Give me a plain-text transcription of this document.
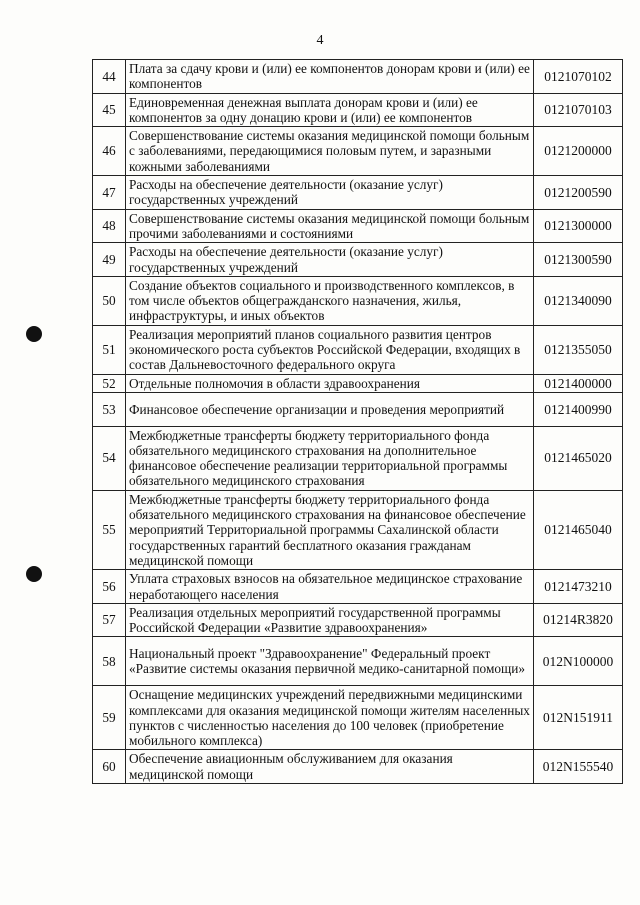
4
44	Плата за сдачу крови и (или) ее компонентов донорам крови и (или) ее компонентов	0121070102
45	Единовременная денежная выплата донорам крови и (или) ее компонентов за одну донацию крови и (или) ее компонентов	0121070103
46	Совершенствование системы оказания медицинской помощи больным с заболеваниями, передающимися половым путем, и заразными кожными заболеваниями	0121200000
47	Расходы на обеспечение деятельности (оказание услуг) государственных учреждений	0121200590
48	Совершенствование системы оказания медицинской помощи больным прочими заболеваниями и состояниями	0121300000
49	Расходы на обеспечение деятельности (оказание услуг) государственных учреждений	0121300590
50	Создание объектов социального и производственного комплексов, в том числе объектов общегражданского назначения, жилья, инфраструктуры, и иных объектов	0121340090
51	Реализация мероприятий планов социального развития центров экономического роста субъектов Российской Федерации, входящих в состав Дальневосточного федерального округа	0121355050
52	Отдельные полномочия в области здравоохранения	0121400000
53	Финансовое обеспечение организации и проведения мероприятий	0121400990
54	Межбюджетные трансферты бюджету территориального фонда обязательного медицинского страхования на дополнительное финансовое обеспечение реализации территориальной программы обязательного медицинского страхования	0121465020
55	Межбюджетные трансферты бюджету территориального фонда обязательного медицинского страхования на финансовое обеспечение мероприятий Территориальной программы Сахалинской области государственных гарантий бесплатного оказания гражданам медицинской помощи	0121465040
56	Уплата страховых взносов на обязательное медицинское страхование неработающего населения	0121473210
57	Реализация отдельных мероприятий государственной программы Российской Федерации «Развитие здравоохранения»	01214R3820
58	Национальный проект "Здравоохранение" Федеральный проект «Развитие системы оказания первичной медико-санитарной помощи»	012N100000
59	Оснащение медицинских учреждений передвижными медицинскими комплексами для оказания медицинской помощи жителям населенных пунктов с численностью населения до 100 человек (приобретение мобильного комплекса)	012N151911
60	Обеспечение авиационным обслуживанием для оказания медицинской помощи	012N155540
